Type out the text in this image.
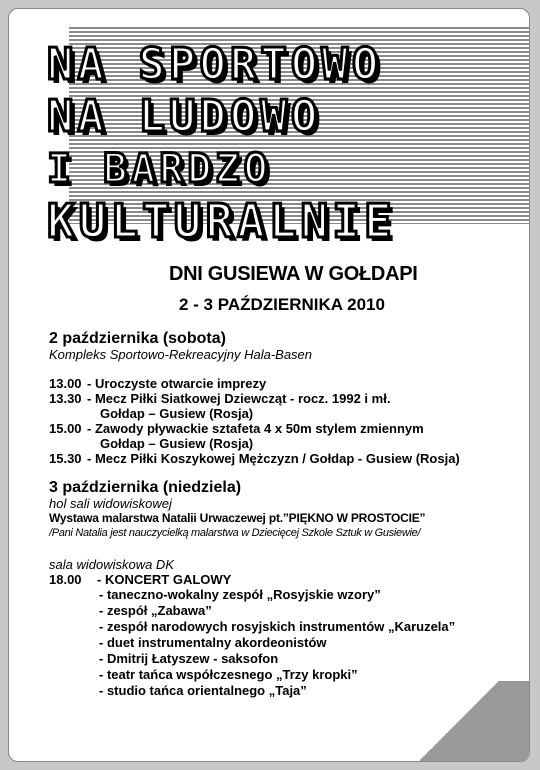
NA SPORTOWO
NA LUDOWO
I BARDZO
KULTURALNIE
DNI GUSIEWA W GOŁDAPI
2 - 3 PAŹDZIERNIKA 2010

2 października (sobota)

Kompleks Sportowo-Rekreacyjny Hala-Basen

13.00 - Uroczyste otwarcie imprezy
13.30 - Mecz Piłki Siatkowej Dziewcząt - rocz. 1992 i mł.
Gołdap – Gusiew (Rosja)
15.00 - Zawody pływackie sztafeta 4 x 50m stylem zmiennym
Gołdap – Gusiew (Rosja)
15.30 - Mecz Piłki Koszykowej Mężczyzn / Gołdap - Gusiew (Rosja)

3 października (niedziela)

hol sali widowiskowej

Wystawa malarstwa Natalii Urwaczewej pt.”PIĘKNO W PROSTOCIE”

/Pani Natalia jest nauczycielką malarstwa w Dziecięcej Szkole Sztuk w Gusiewie/

sala widowiskowa DK

18.00	- KONCERT GALOWY
- taneczno-wokalny zespół „Rosyjskie wzory”
- zespół „Zabawa”
- zespół narodowych rosyjskich instrumentów „Karuzela”
- duet instrumentalny akordeonistów
- Dmitrij Łatyszew - saksofon
- teatr tańca współczesnego „Trzy kropki”
- studio tańca orientalnego „Taja”
